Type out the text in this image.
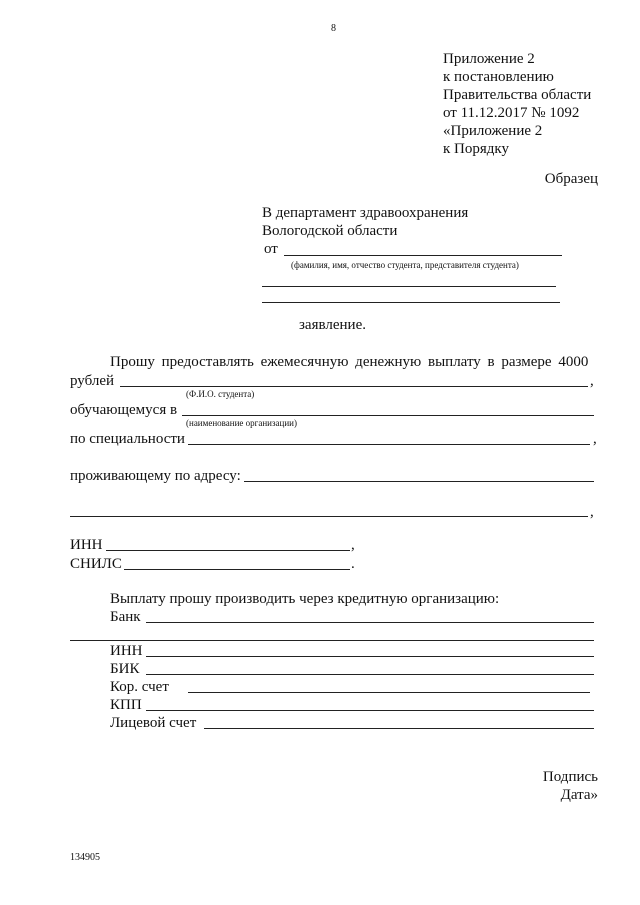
8
Приложение 2
к постановлению
Правительства области
от 11.12.2017 № 1092
«Приложение 2
к Порядку
Образец
В департамент здравоохранения
Вологодской области
от
(фамилия, имя, отчество студента, представителя студента)
заявление.
Прошу предоставлять ежемесячную денежную выплату в размере 4000
рублей	,
(Ф.И.О. студента)
обучающемуся в
(наименование организации)
по специальности	,
проживающему по адресу:
,
ИНН	,
СНИЛС	.
Выплату прошу производить через кредитную организацию:
Банк
ИНН
БИК
Кор. счет
КПП
Лицевой счет
Подпись
Дата»
134905
